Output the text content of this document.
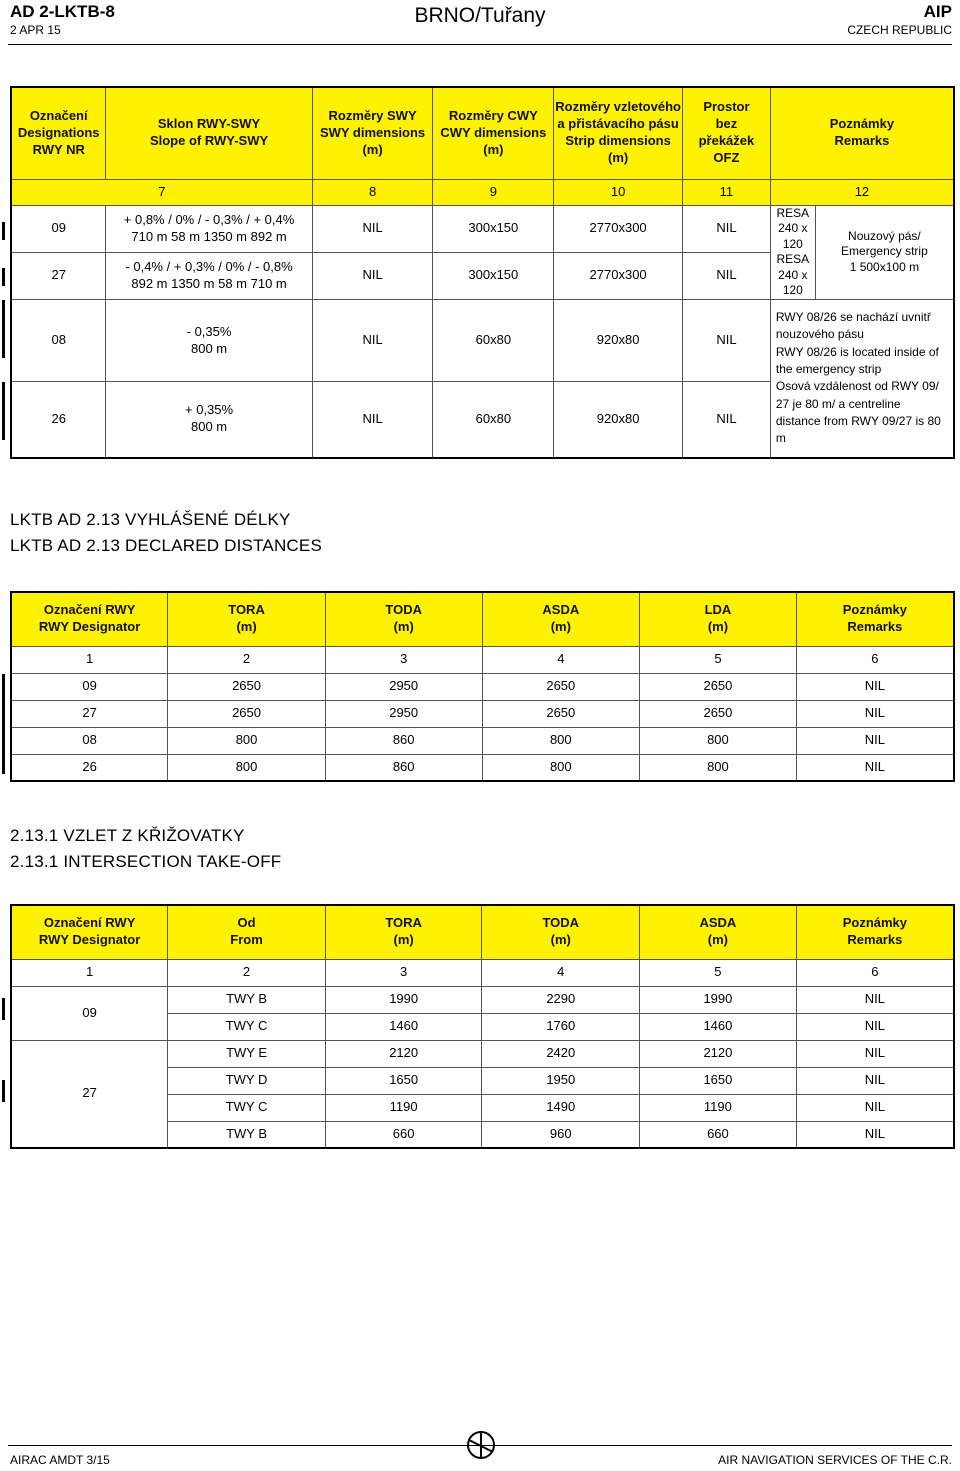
AD 2-LKTB-8
2 APR 15
BRNO/Tuřany	AIP
CZECH REPUBLIC
Označení
Designations
RWY NR	Sklon RWY-SWY
Slope of RWY-SWY	Rozměry SWY
SWY dimensions
(m)	Rozměry CWY
CWY dimensions
(m)	Rozměry vzletového
a přistávacího pásu
Strip dimensions
(m)	Prostor
bez
překážek
OFZ	Poznámky
Remarks	
7		8	9	10	11	12	
09	+ 0,8% / 0% / - 0,3% / + 0,4%
710 m 58 m 1350 m 892 m	NIL	300x150	2770x300	NIL	RESA
240 x 120	Nouzový pás/
Emergency strip
1 500x100 m
27	- 0,4% / + 0,3% / 0% / - 0,8%
892 m 1350 m 58 m 710 m	NIL	300x150	2770x300	NIL	RESA
240 x 120	
08	- 0,35%
800 m	NIL	60x80	920x80	NIL	RWY 08/26 se nachází uvnitř nouzového pásu
RWY 08/26 is located inside of the emergency strip
Osová vzdálenost od RWY 09/ 27 je 80 m/ a centreline distance from RWY 09/27 is 80 m	
26	+ 0,35%
800 m	NIL	60x80	920x80	NIL		
LKTB AD 2.13 VYHLÁŠENÉ DÉLKY
LKTB AD 2.13 DECLARED DISTANCES
Označení RWY
RWY Designator	TORA
(m)	TODA
(m)	ASDA
(m)	LDA
(m)	Poznámky
Remarks
1	2	3	4	5	6
09	2650	2950	2650	2650	NIL
27	2650	2950	2650	2650	NIL
08	800	860	800	800	NIL
26	800	860	800	800	NIL
2.13.1 VZLET Z KŘIŽOVATKY
2.13.1 INTERSECTION TAKE-OFF
Označení RWY
RWY Designator	Od
From	TORA
(m)	TODA
(m)	ASDA
(m)	Poznámky
Remarks
1	2	3	4	5	6
09	TWY B	1990	2290	1990	NIL
	TWY C	1460	1760	1460	NIL
27	TWY E	2120	2420	2120	NIL
	TWY D	1650	1950	1650	NIL
	TWY C	1190	1490	1190	NIL
	TWY B	660	960	660	NIL
AIRAC AMDT 3/15	AIR NAVIGATION SERVICES OF THE C.R.
